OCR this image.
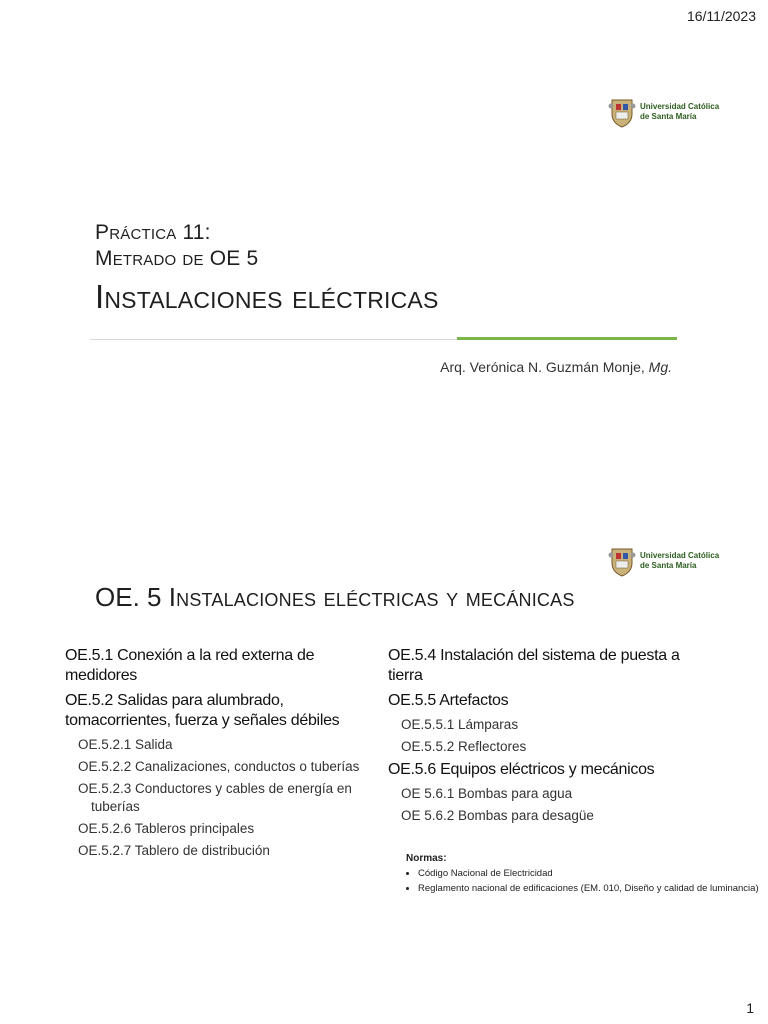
16/11/2023
Universidad Católica
de Santa María
Práctica 11:
Metrado de OE 5
Instalaciones eléctricas
Arq. Verónica N. Guzmán Monje, Mg.
Universidad Católica
de Santa María
OE. 5 Instalaciones eléctricas y mecánicas
OE.5.1 Conexión a la red externa de medidores
OE.5.2 Salidas para alumbrado, tomacorrientes, fuerza y señales débiles
OE.5.2.1 Salida
OE.5.2.2 Canalizaciones, conductos o tuberías
OE.5.2.3 Conductores y cables de energía en tuberías
OE.5.2.6 Tableros principales
OE.5.2.7 Tablero de distribución
OE.5.4 Instalación del sistema de puesta a tierra
OE.5.5 Artefactos
OE.5.5.1 Lámparas
OE.5.5.2 Reflectores
OE.5.6 Equipos eléctricos y mecánicos
OE 5.6.1 Bombas para agua
OE 5.6.2 Bombas para desagüe
Normas:
• Código Nacional de Electricidad
• Reglamento nacional de edificaciones (EM. 010, Diseño y calidad de luminancia)
1
